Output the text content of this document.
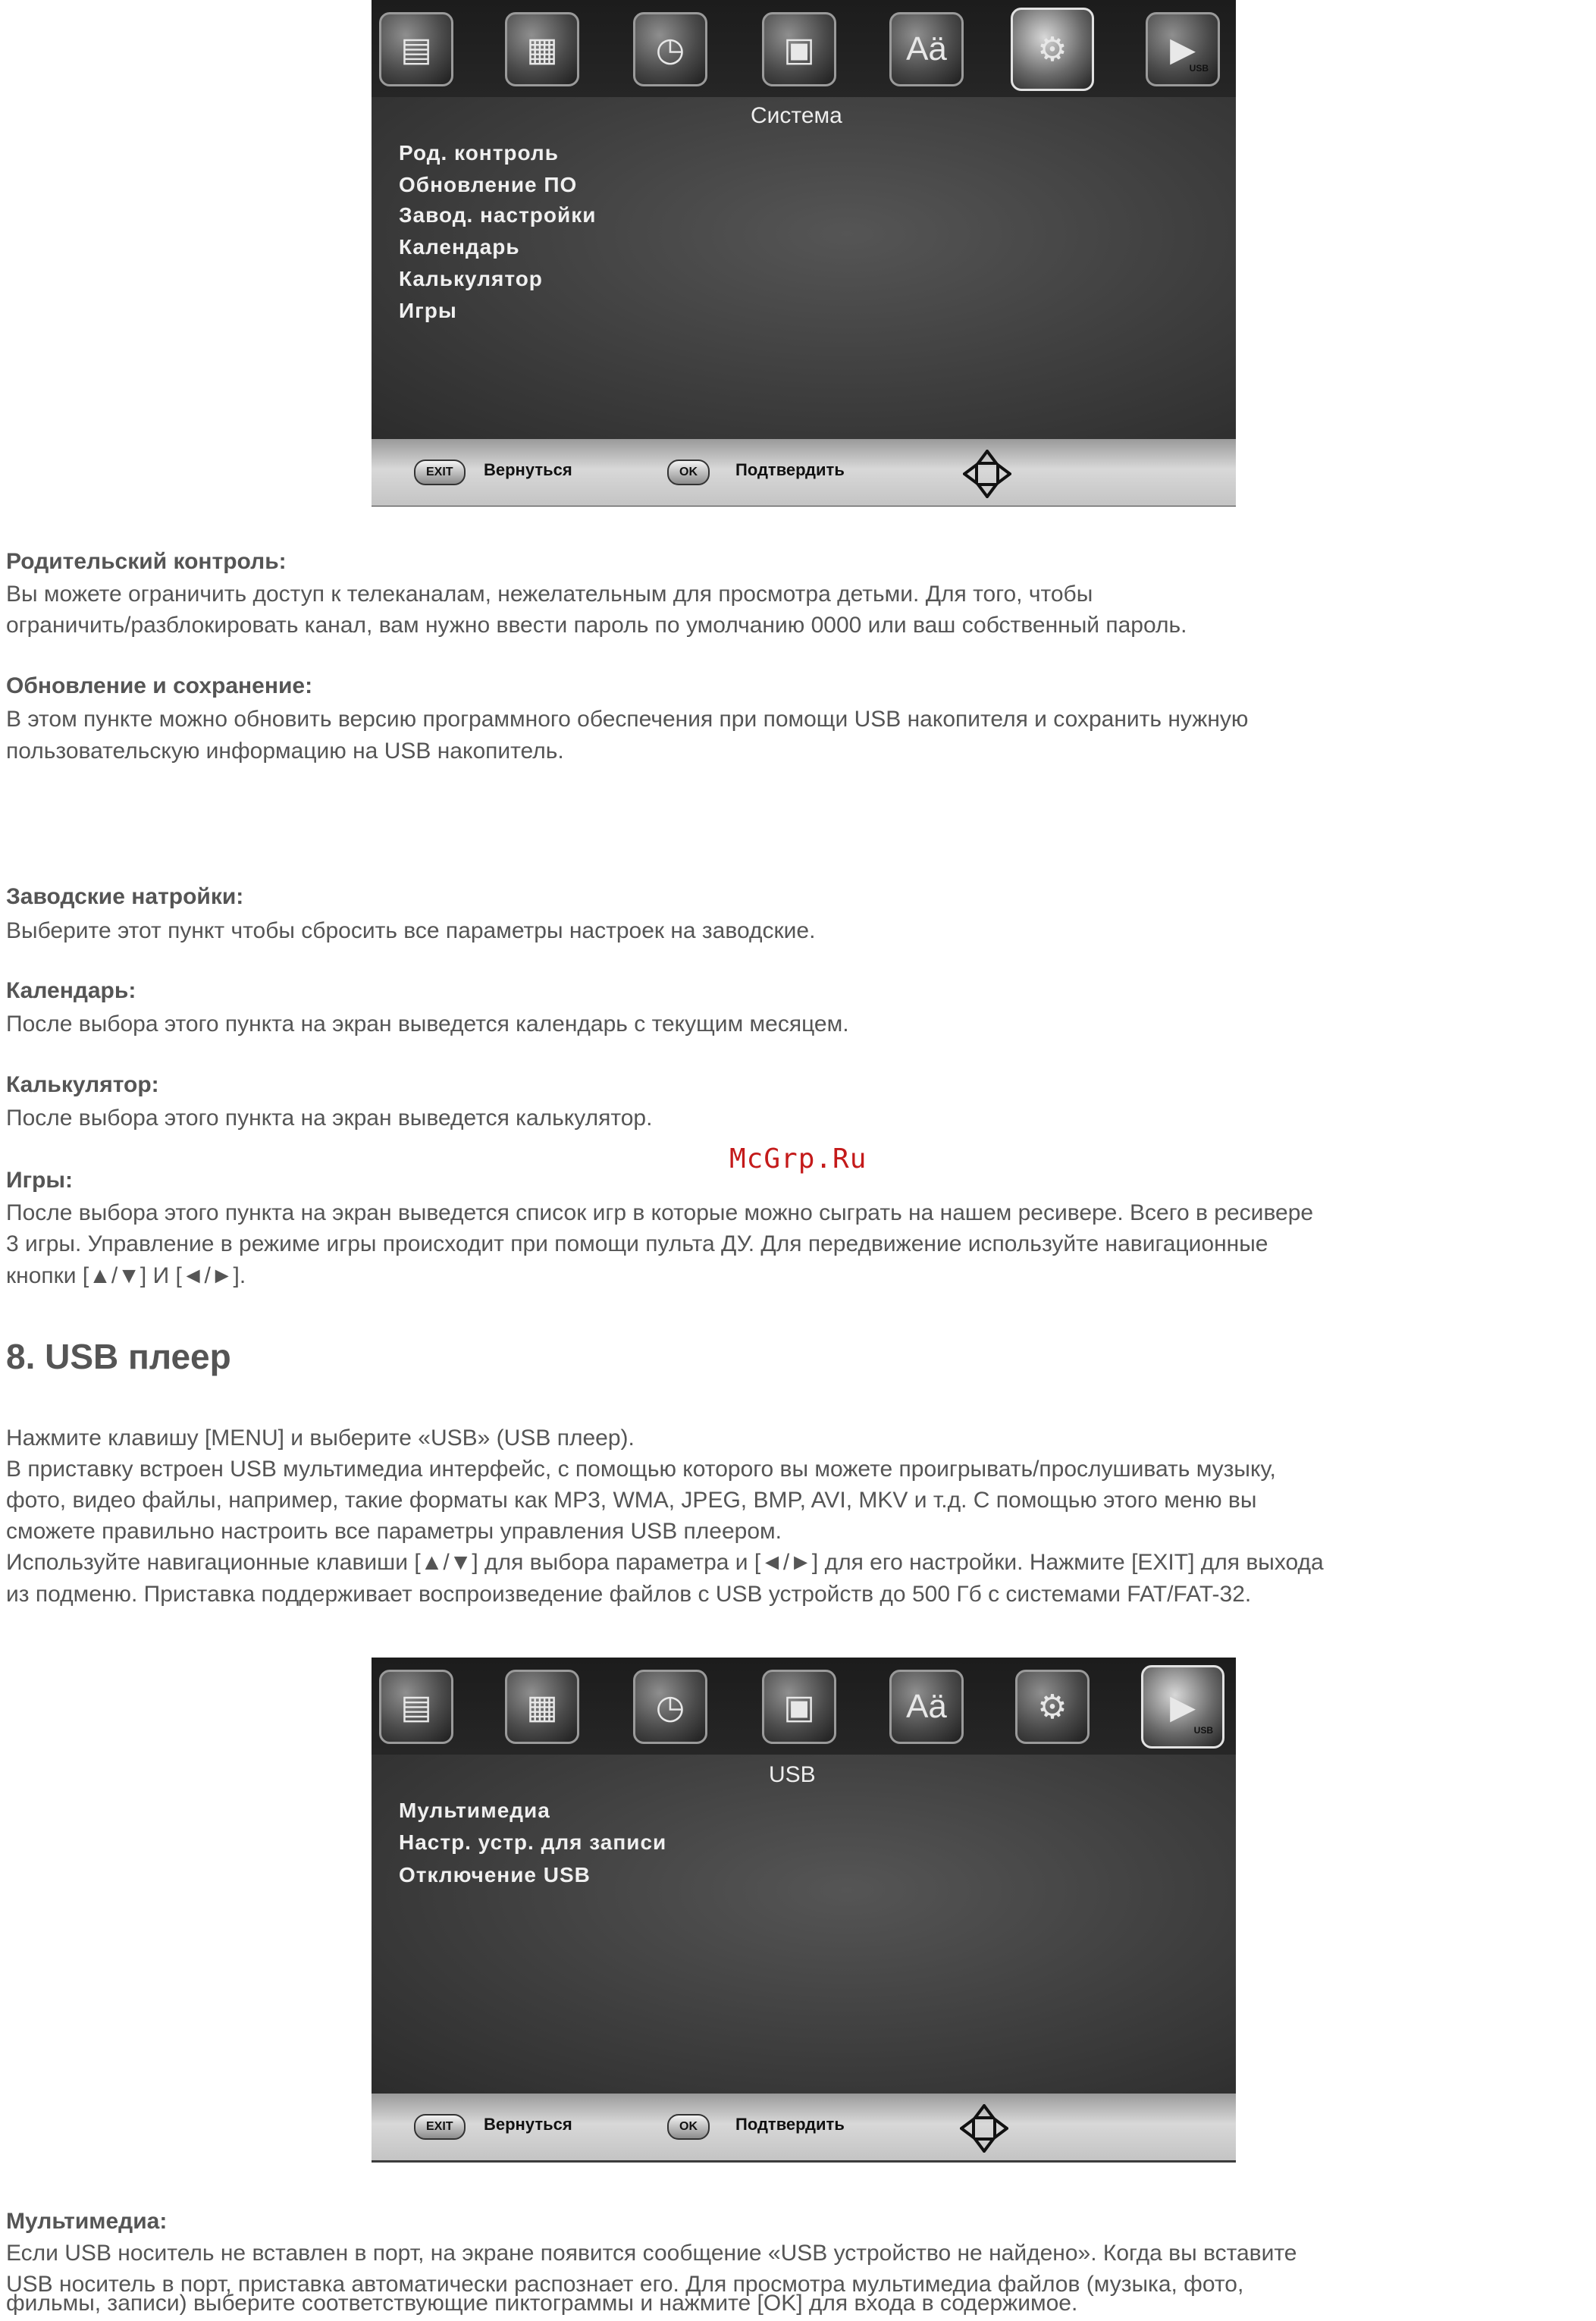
▤	▦	◷	▣	Aä	⚙	▶
USB
Система
Род. контроль
Обновление ПО
Завод. настройки
Календарь
Калькулятор
Игры
EXIT	Вернуться	OK	Подтвердить
Родительский контроль:
Вы можете ограничить доступ к телеканалам, нежелательным для просмотра детьми. Для того, чтобы
ограничить/разблокировать канал, вам нужно ввести пароль по умолчанию 0000 или ваш собственный пароль.
Обновление и сохранение:
В этом пункте можно обновить версию программного обеспечения при помощи USB накопителя и сохранить нужную
пользовательскую информацию на USB накопитель.
Заводские натройки:
Выберите этот пункт чтобы сбросить все параметры настроек на заводские.
Календарь:
После выбора этого пункта на экран выведется календарь с текущим месяцем.
Калькулятор:
После выбора этого пункта на экран выведется калькулятор.
McGrp.Ru
Игры:
После выбора этого пункта на экран выведется список игр в которые можно сыграть на нашем ресивере. Всего в ресивере
3 игры. Управление в режиме игры происходит при помощи пульта ДУ. Для передвижение используйте навигационные
кнопки [▲/▼] И [◄/►].
8. USB плеер
Нажмите клавишу [MENU] и выберите «USB» (USB плеер).
В приставку встроен USB мультимедиа интерфейс, с помощью которого вы можете проигрывать/прослушивать музыку,
фото, видео файлы, например, такие форматы как MP3, WMA, JPEG, BMP, AVI, MKV и т.д. С помощью этого меню вы
сможете правильно настроить все параметры управления USB плеером.
Используйте навигационные клавиши [▲/▼] для выбора параметра и [◄/►] для его настройки. Нажмите [EXIT] для выхода
из подменю. Приставка поддерживает воспроизведение файлов с USB устройств до 500 Гб с системами FAT/FAT-32.
▤	▦	◷	▣	Aä	⚙	▶
USB
USB
Мультимедиа
Настр. устр. для записи
Отключение USB
EXIT	Вернуться	OK	Подтвердить
Мультимедиа:
Если USB носитель не вставлен в порт, на экране появится сообщение «USB устройство не найдено». Когда вы вставите
USB носитель в порт, приставка автоматически распознает его. Для просмотра мультимедиа файлов (музыка, фото,
фильмы, записи) выберите соответствующие пиктограммы и нажмите [OK] для входа в содержимое.
